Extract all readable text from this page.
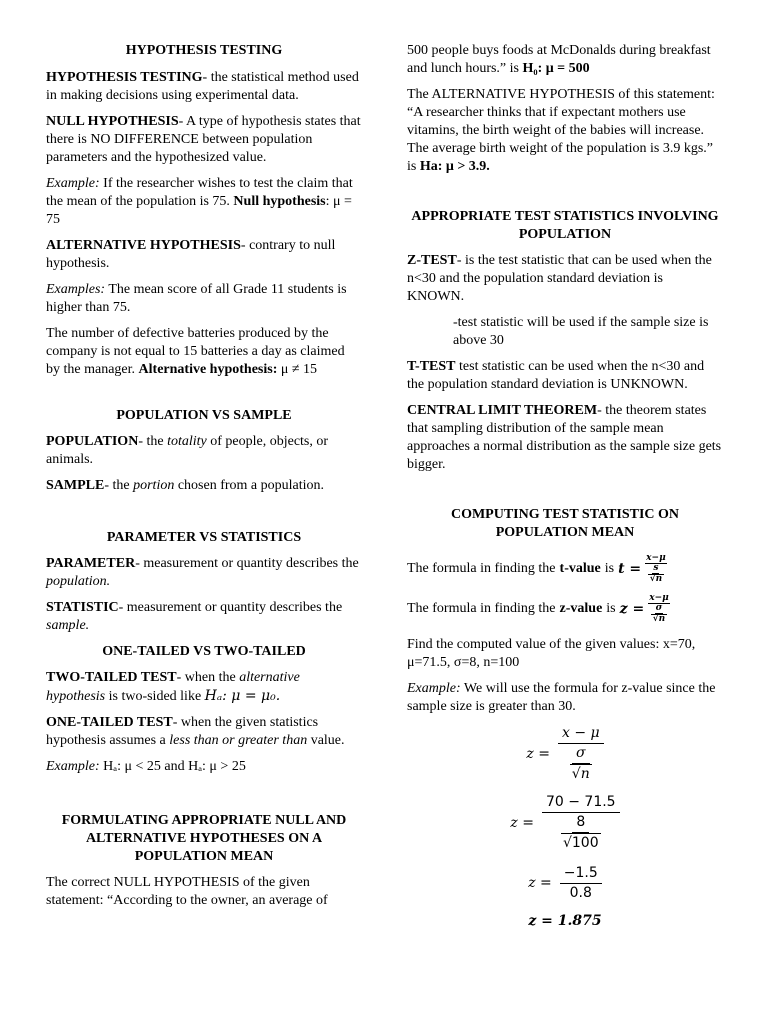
HYPOTHESIS TESTING

HYPOTHESIS TESTING- the statistical method used in making decisions using experimental data.

NULL HYPOTHESIS- A type of hypothesis states that there is NO DIFFERENCE between population parameters and the hypothesized value.

Example: If the researcher wishes to test the claim that the mean of the population is 75. Null hypothesis: μ = 75

ALTERNATIVE HYPOTHESIS- contrary to null hypothesis.

Examples: The mean score of all Grade 11 students is higher than 75.

The number of defective batteries produced by the company is not equal to 15 batteries a day as claimed by the manager. Alternative hypothesis: μ ≠ 15

POPULATION VS SAMPLE

POPULATION- the totality of people, objects, or animals.

SAMPLE- the portion chosen from a population.

PARAMETER VS STATISTICS

PARAMETER- measurement or quantity describes the population.

STATISTIC- measurement or quantity describes the sample.

ONE-TAILED VS TWO-TAILED

TWO-TAILED TEST- when the alternative hypothesis is two-sided like Hₐ: μ = μ₀.

ONE-TAILED TEST- when the given statistics hypothesis assumes a less than or greater than value.

Example: Hₐ: μ < 25 and Hₐ: μ > 25

FORMULATING APPROPRIATE NULL AND ALTERNATIVE HYPOTHESES ON A POPULATION MEAN

The correct NULL HYPOTHESIS of the given statement: “According to the owner, an average of

500 people buys foods at McDonalds during breakfast and lunch hours.” is H₀: μ = 500

The ALTERNATIVE HYPOTHESIS of this statement: “A researcher thinks that if expectant mothers use vitamins, the birth weight of the babies will increase. The average birth weight of the population is 3.9 kgs.” is Ha: μ > 3.9.

APPROPRIATE TEST STATISTICS INVOLVING POPULATION

Z-TEST- is the test statistic that can be used when the n<30 and the population standard deviation is KNOWN.

-test statistic will be used if the sample size is above 30

T-TEST test statistic can be used when the n<30 and the population standard deviation is UNKNOWN.

CENTRAL LIMIT THEOREM- the theorem states that sampling distribution of the sample mean approaches a normal distribution as the sample size gets bigger.

COMPUTING TEST STATISTIC ON POPULATION MEAN

The formula in finding the t-value is t = x−μ
s
√ n

The formula in finding the z-value is z = x−μ
σ
√ n

Find the computed value of the given values: x=70, μ=71.5, σ=8, n=100

Example: We will use the formula for z-value since the sample size is greater than 30.

z = x − μ
σ
√ n
z = 70 − 71.5
8
√ 100
$z = \frac{-1.5}{0.8}$
z = 1.875
